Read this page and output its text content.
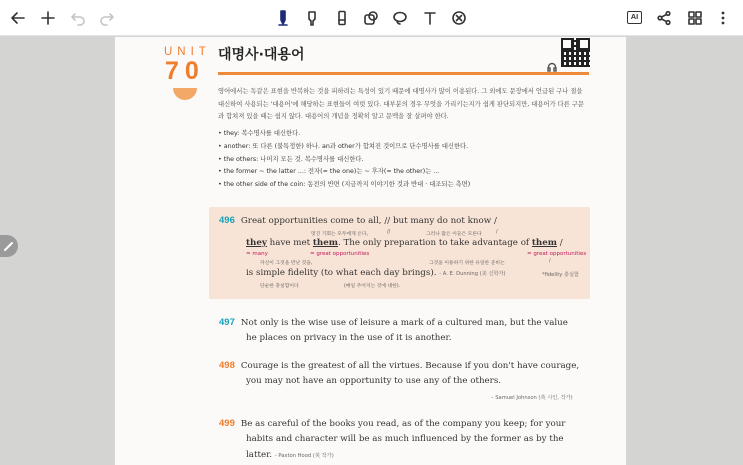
AI
UNIT
70
대명사·대용어
영어에서는 독같은 표현을 반복하는 것을 피하려는 특성이 있기 때문에 대명사가 많이 이용된다. 그 외에도 문장에서 언급된 구나 절을 대신하여 사용되는 '대용어'에 해당하는 표현들이 여럿 있다. 대부분의 경우 무엇을 가리키는지가 쉽게 판단되지만, 대용어가 다른 구문과 합쳐져 있을 때는 쉽지 않다. 대용어의 개념을 정확히 알고 문맥을 잘 살펴야 한다.
• they: 복수명사를 대신한다.
• another: 또 다른 (불특정한) 하나. an과 other가 합쳐진 것이므로 단수명사를 대신한다.
• the others: 나머지 모든 것. 복수명사를 대신한다.
• the former ~ the latter ...: 전자(= the one)는 ~ 후자(= the other)는 ...
• the other side of the coin: 동전의 반면 (지금까지 이야기한 것과 반대 · 대조되는 측면)
496 Great opportunities come to all, // but many do not know /
멋진 기회는 모두에게 온다,	//	그러나 많은 이들은 모른다	/
they have met them. The only preparation to take advantage of them /
= many	= great opportunities	= great opportunities
자신이 그것을 만난 것을,	그것을 이용하기 위한 유일한 준비는	/
is simple fidelity (to what each day brings). - A. E. Dunning (美 신학자)	*fidelity 충실함
단순한 충실함이다	(매일 주어지는 것에 대한).
497 Not only is the wise use of leisure a mark of a cultured man, but the value
he places on privacy in the use of it is another.
498 Courage is the greatest of all the virtues. Because if you don't have courage,
you may not have an opportunity to use any of the others.
– Samuel Johnson (英 시인, 작가)
499 Be as careful of the books you read, as of the company you keep; for your
habits and character will be as much influenced by the former as by the
latter. - Paxton Hood (英 작가)
